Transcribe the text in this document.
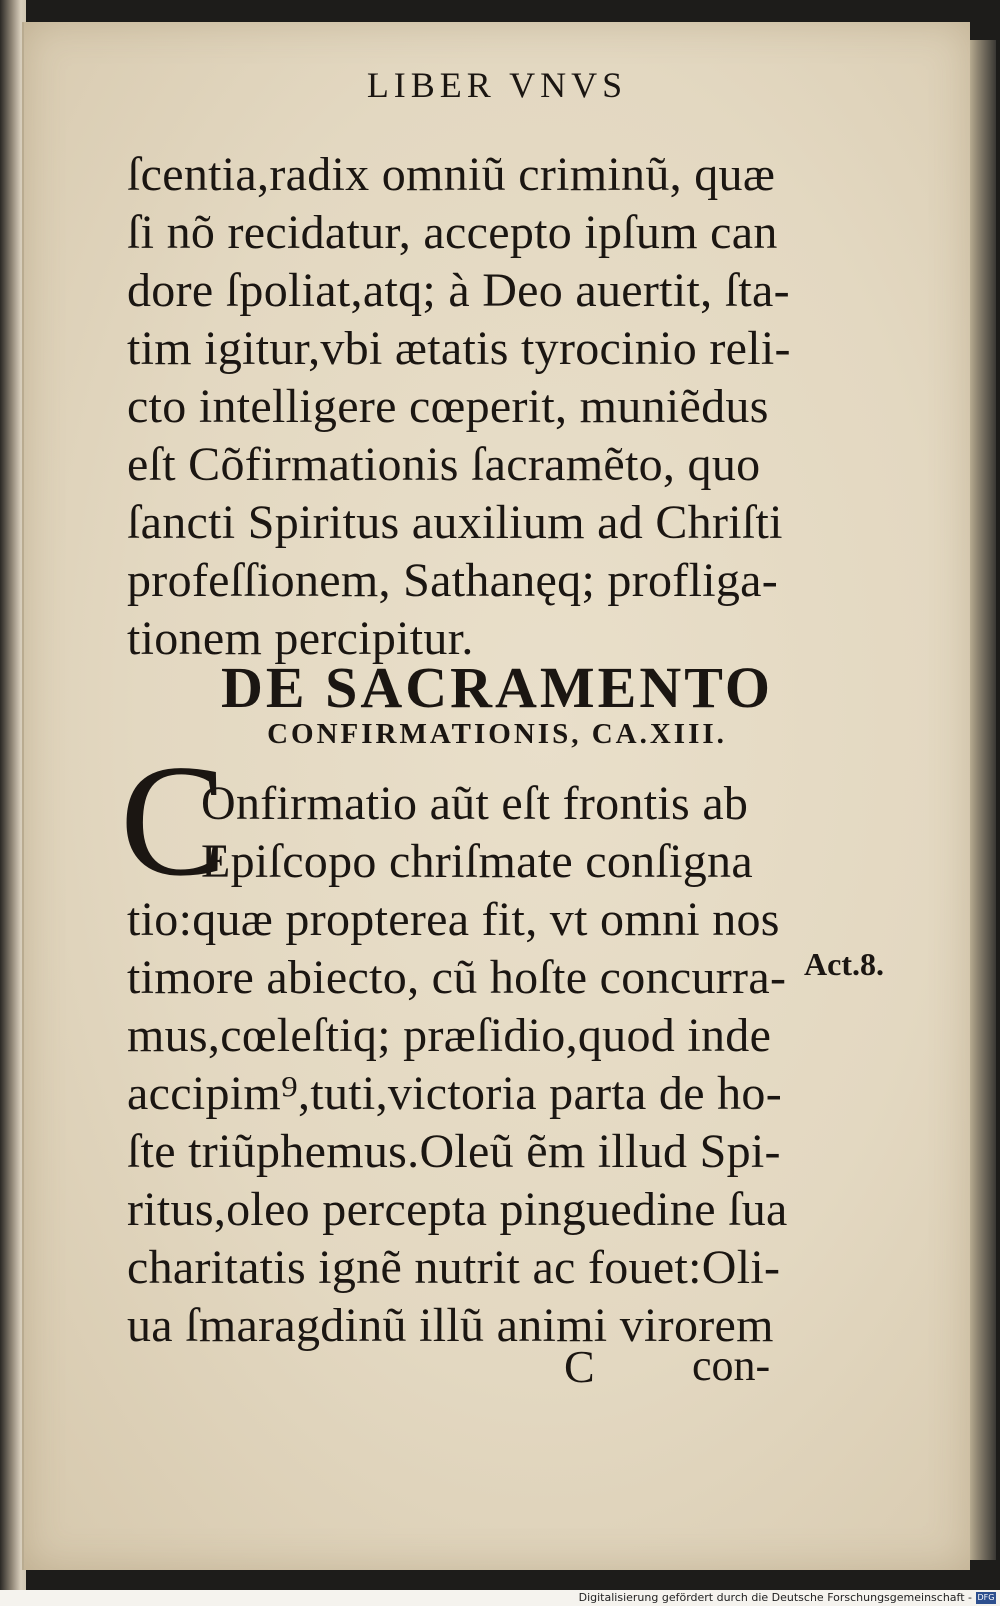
LIBER VNVS
ſcentia,radix omniũ criminũ, quæ
ſi nõ recidatur, accepto ipſum can
dore ſpoliat,atq; à Deo auertit, ſta-
tim igitur,vbi ætatis tyrocinio reli-
cto intelligere cœperit, muniẽdus
eſt Cõfirmationis ſacramẽto, quo
ſancti Spiritus auxilium ad Chriſti
profeſſionem, Sathanęq; profliga-
tionem percipitur.
DE SACRAMENTO
CONFIRMATIONIS, CA.XIII.
C
Onfirmatio aũt eſt frontis ab
Epiſcopo chriſmate conſigna
tio:quæ propterea fit, vt omni nos
timore abiecto, cũ hoſte concurra-
mus,cœleſtiq; præſidio,quod inde
accipim⁹,tuti,victoria parta de ho-
ſte triũphemus.Oleũ ẽm illud Spi-
ritus,oleo percepta pinguedine ſua
charitatis ignẽ nutrit ac fouet:Oli-
ua ſmaragdinũ illũ animi virorem
Act.8.
C con-
Digitalisierung gefördert durch die Deutsche Forschungsgemeinschaft - DFG
